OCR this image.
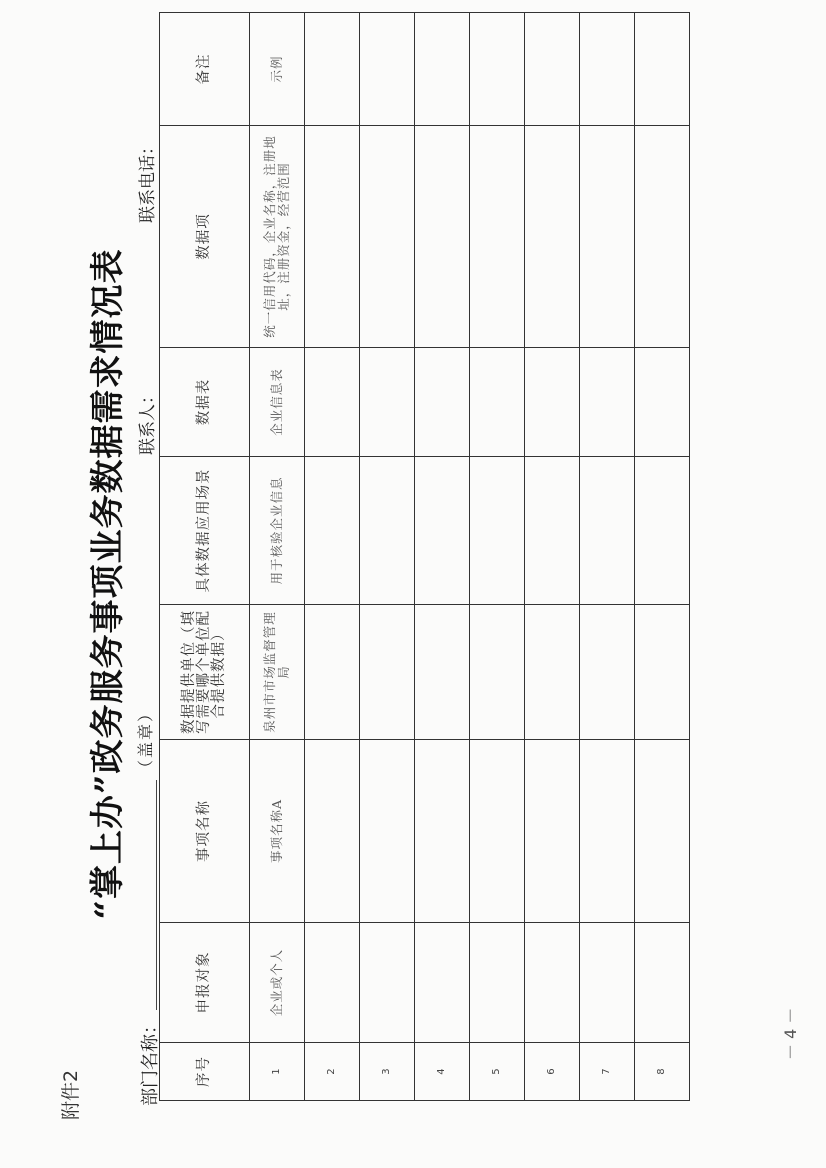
附件2
“掌上办”政务服务事项业务数据需求情况表
部门名称：
（盖章）
联系人：
联系电话：
序号	申报对象	事项名称	数据提供单位（填写需要哪个单位配合提供数据）	具体数据应用场景	数据表	数据项	备注
1	企业或个人	事项名称A	泉州市市场监督管理局	用于核验企业信息	企业信息表	统一信用代码，企业名称，注册地址，注册资金，经营范围	示例
2							
3							
4							
5							
6							
7							
8							
－ 4 －
